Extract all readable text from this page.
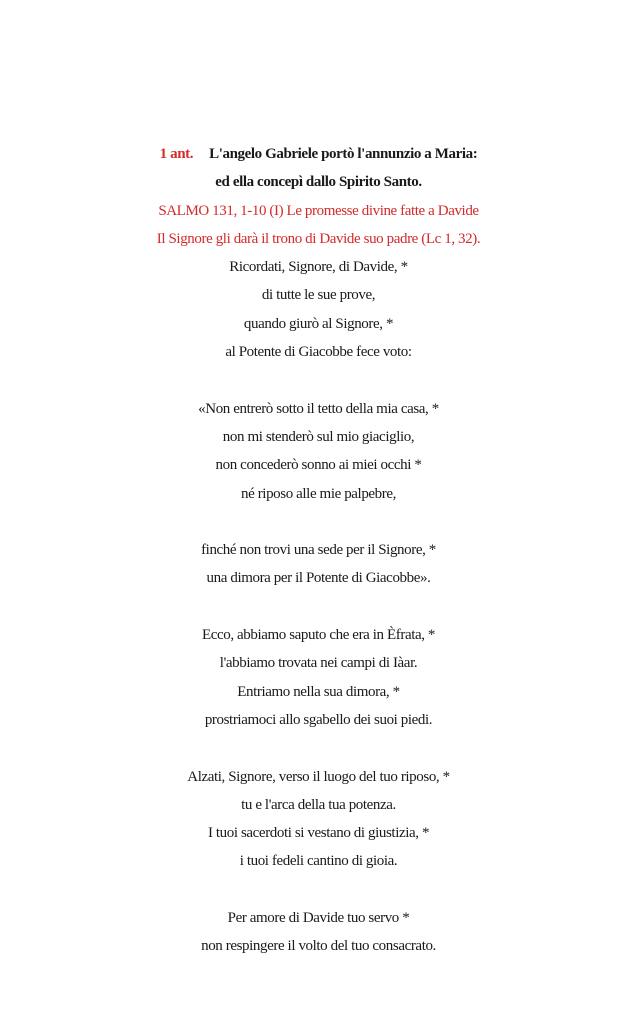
1 ant. L'angelo Gabriele portò l'annunzio a Maria:
ed ella concepì dallo Spirito Santo.
SALMO 131, 1-10 (I) Le promesse divine fatte a Davide
Il Signore gli darà il trono di Davide suo padre (Lc 1, 32).
Ricordati, Signore, di Davide, *
di tutte le sue prove,
quando giurò al Signore, *
al Potente di Giacobbe fece voto:
«Non entrerò sotto il tetto della mia casa, *
non mi stenderò sul mio giaciglio,
non concederò sonno ai miei occhi *
né riposo alle mie palpebre,
finché non trovi una sede per il Signore, *
una dimora per il Potente di Giacobbe».
Ecco, abbiamo saputo che era in Èfrata, *
l'abbiamo trovata nei campi di Iàar.
Entriamo nella sua dimora, *
prostriamoci allo sgabello dei suoi piedi.
Alzati, Signore, verso il luogo del tuo riposo, *
tu e l'arca della tua potenza.
I tuoi sacerdoti si vestano di giustizia, *
i tuoi fedeli cantino di gioia.
Per amore di Davide tuo servo *
non respingere il volto del tuo consacrato.
